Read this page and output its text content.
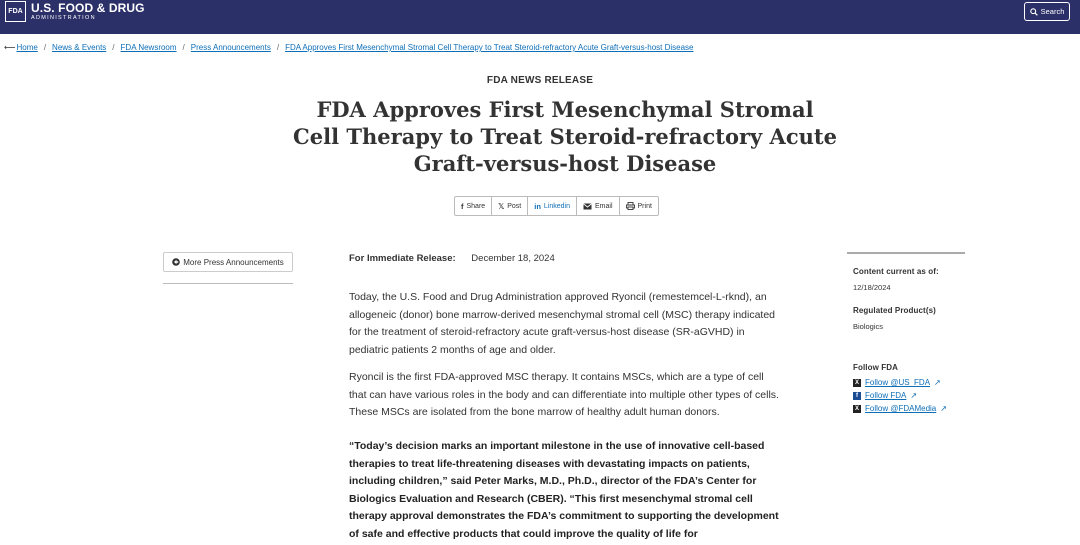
FDA U.S. FOOD & DRUG
ADMINISTRATION
Search
⟵Home / News & Events / FDA Newsroom / Press Announcements / FDA Approves First Mesenchymal Stromal Cell Therapy to Treat Steroid-refractory Acute Graft-versus-host Disease
FDA NEWS RELEASE
FDA Approves First Mesenchymal Stromal Cell Therapy to Treat Steroid-refractory Acute Graft-versus-host Disease
f Share 𝕏 Post in Linkedin	Email	Print
More Press Announcements	For Immediate Release: December 18, 2024

Today, the U.S. Food and Drug Administration approved Ryoncil (remestemcel-L-rknd), an allogeneic (donor) bone marrow-derived mesenchymal stromal cell (MSC) therapy indicated for the treatment of steroid-refractory acute graft-versus-host disease (SR-aGVHD) in pediatric patients 2 months of age and older.

Ryoncil is the first FDA-approved MSC therapy. It contains MSCs, which are a type of cell that can have various roles in the body and can differentiate into multiple other types of cells. These MSCs are isolated from the bone marrow of healthy adult human donors.

“Today’s decision marks an important milestone in the use of innovative cell-based therapies to treat life-threatening diseases with devastating impacts on patients, including children,” said Peter Marks, M.D., Ph.D., director of the FDA’s Center for Biologics Evaluation and Research (CBER). “This first mesenchymal stromal cell therapy approval demonstrates the FDA’s commitment to supporting the development of safe and effective products that could improve the quality of life for

Content current as of:
12/18/2024
Regulated Product(s)
Biologics
Follow FDA
X Follow @US_FDA ↗
f Follow FDA ↗
X Follow @FDAMedia ↗
